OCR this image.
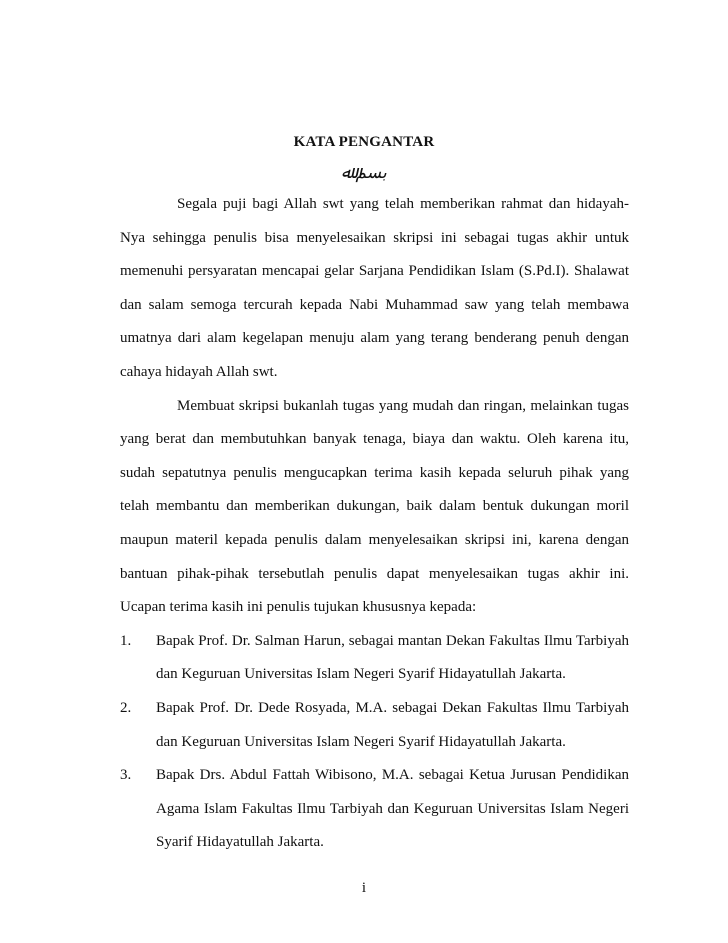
KATA PENGANTAR
ﺑﺴﻢ ﷲ

Segala puji bagi Allah swt yang telah memberikan rahmat dan hidayah-Nya sehingga penulis bisa menyelesaikan skripsi ini sebagai tugas akhir untuk memenuhi persyaratan mencapai gelar Sarjana Pendidikan Islam (S.Pd.I). Shalawat dan salam semoga tercurah kepada Nabi Muhammad saw yang telah membawa umatnya dari alam kegelapan menuju alam yang terang benderang penuh dengan cahaya hidayah Allah swt.

Membuat skripsi bukanlah tugas yang mudah dan ringan, melainkan tugas yang berat dan membutuhkan banyak tenaga, biaya dan waktu. Oleh karena itu, sudah sepatutnya penulis mengucapkan terima kasih kepada seluruh pihak yang telah membantu dan memberikan dukungan, baik dalam bentuk dukungan moril maupun materil kepada penulis dalam menyelesaikan skripsi ini, karena dengan bantuan pihak-pihak tersebutlah penulis dapat menyelesaikan tugas akhir ini. Ucapan terima kasih ini penulis tujukan khususnya kepada:

1. Bapak Prof. Dr. Salman Harun, sebagai mantan Dekan Fakultas Ilmu Tarbiyah dan Keguruan Universitas Islam Negeri Syarif Hidayatullah Jakarta.
2. Bapak Prof. Dr. Dede Rosyada, M.A. sebagai Dekan Fakultas Ilmu Tarbiyah dan Keguruan Universitas Islam Negeri Syarif Hidayatullah Jakarta.
3. Bapak Drs. Abdul Fattah Wibisono, M.A. sebagai Ketua Jurusan Pendidikan Agama Islam Fakultas Ilmu Tarbiyah dan Keguruan Universitas Islam Negeri Syarif Hidayatullah Jakarta.
i
